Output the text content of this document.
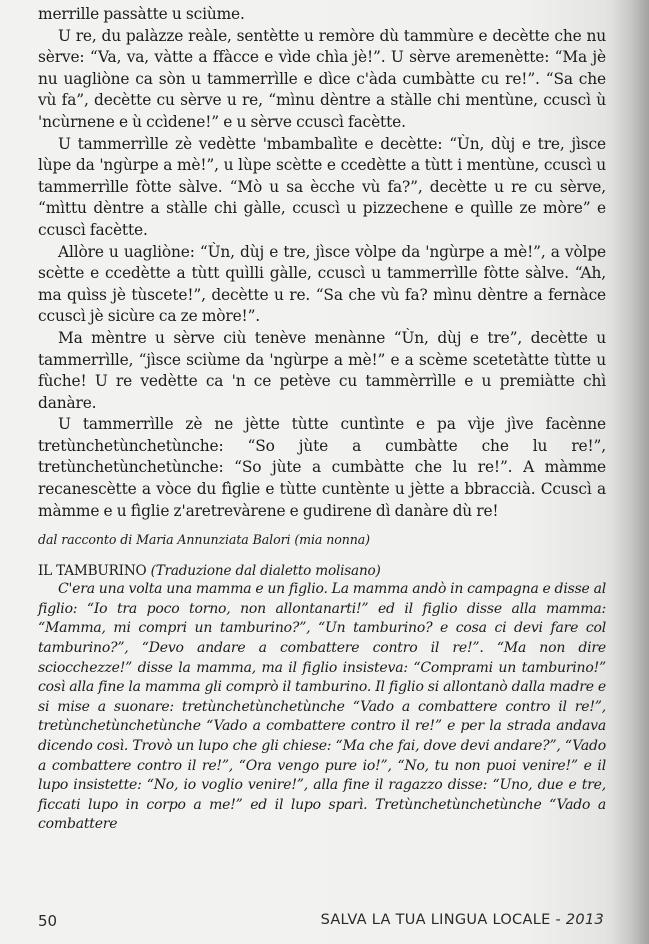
merrille passàtte u sciùme.

U re, du palàzze reàle, sentètte u remòre dù tammùre e decètte che nu sèrve: “Va, va, vàtte a ffàcce e vìde chìa jè!”. U sèrve aremenètte: “Ma jè nu uagliòne ca sòn u tammerrìlle e dìce c'àda cumbàtte cu re!”. “Sa che vù fa”, decètte cu sèrve u re, “mìnu dèntre a stàlle chi mentùne, ccuscì ù 'ncùrnene e ù ccìdene!” e u sèrve ccuscì facètte.

U tammerrìlle zè vedètte 'mbambalìte e decètte: “Ùn, dùj e tre, jìsce lùpe da 'ngùrpe a mè!”, u lùpe scètte e ccedètte a tùtt i mentùne, ccuscì u tammerrìlle fòtte sàlve. “Mò u sa ècche vù fa?”, decètte u re cu sèrve, “mìttu dèntre a stàlle chi gàlle, ccuscì u pizzechene e quìlle ze mòre” e ccuscì facètte.

Allòre u uagliòne: “Ùn, dùj e tre, jìsce vòlpe da 'ngùrpe a mè!”, a vòlpe scètte e ccedètte a tùtt quìlli gàlle, ccuscì u tammerrìlle fòtte sàlve. “Ah, ma quìss jè tùscete!”, decètte u re. “Sa che vù fa? mìnu dèntre a fernàce ccuscì jè sicùre ca ze mòre!”.

Ma mèntre u sèrve ciù tenève menànne “Ùn, dùj e tre”, decètte u tammerrìlle, “jìsce sciùme da 'ngùrpe a mè!” e a scème scetetàtte tùtte u fùche! U re vedètte ca 'n ce petève cu tammèrrìlle e u premiàtte chì danàre.

U tammerrìlle zè ne jètte tùtte cuntìnte e pa vìje jìve facènne tretùnchetùnchetùnche: “So jùte a cumbàtte che lu re!”, tretùnchetùnchetùnche: “So jùte a cumbàtte che lu re!”. A màmme recanescètte a vòce du fìglie e tùtte cuntènte u jètte a bbraccià. Ccuscì a màmme e u fìglie z'aretrevàrene e gudirene dì danàre dù re!

dal racconto di Maria Annunziata Balori (mia nonna)

IL TAMBURINO (Traduzione dal dialetto molisano)

C'era una volta una mamma e un figlio. La mamma andò in campagna e disse al figlio: “Io tra poco torno, non allontanarti!” ed il figlio disse alla mamma: “Mamma, mi compri un tamburino?”, “Un tamburino? e cosa ci devi fare col tamburino?”, “Devo andare a combattere contro il re!”. “Ma non dire sciocchezze!” disse la mamma, ma il figlio insisteva: “Comprami un tamburino!” così alla fine la mamma gli comprò il tamburino. Il figlio si allontanò dalla madre e si mise a suonare: tretùnchetùnchetùnche “Vado a combattere contro il re!”, tretùnchetùnchetùnche “Vado a combattere contro il re!” e per la strada andava dicendo così. Trovò un lupo che gli chiese: “Ma che fai, dove devi andare?”, “Vado a combattere contro il re!”, “Ora vengo pure io!”, “No, tu non puoi venire!” e il lupo insistette: “No, io voglio venire!”, alla fine il ragazzo disse: “Uno, due e tre, ficcati lupo in corpo a me!” ed il lupo sparì. Tretùnchetùnchetùnche “Vado a combattere

50	SALVA LA TUA LINGUA LOCALE - 2013
